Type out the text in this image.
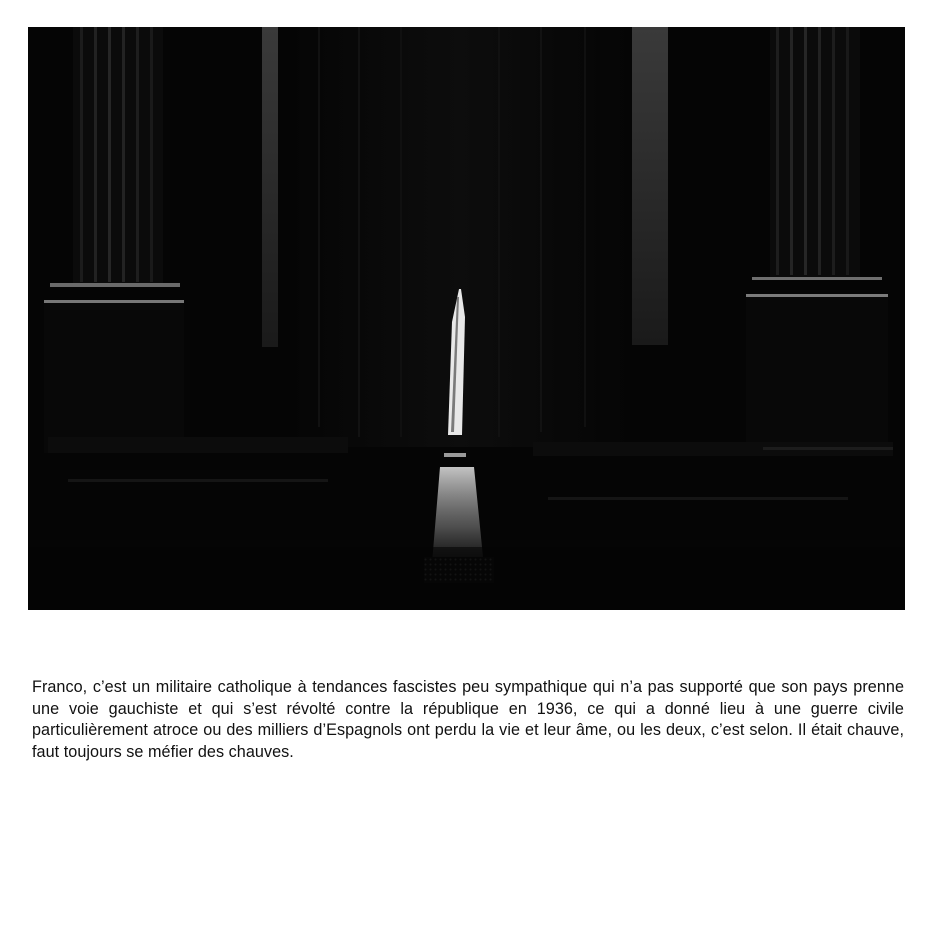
Franco, c’est un militaire catholique à tendances fascistes peu sympathique qui n’a pas supporté que son pays prenne une voie gauchiste et qui s’est révolté contre la république en 1936, ce qui a donné lieu à une guerre civile particulièrement atroce ou des milliers d’Espagnols ont perdu la vie et leur âme, ou les deux, c’est selon. Il était chauve, faut toujours se méfier des chauves.
